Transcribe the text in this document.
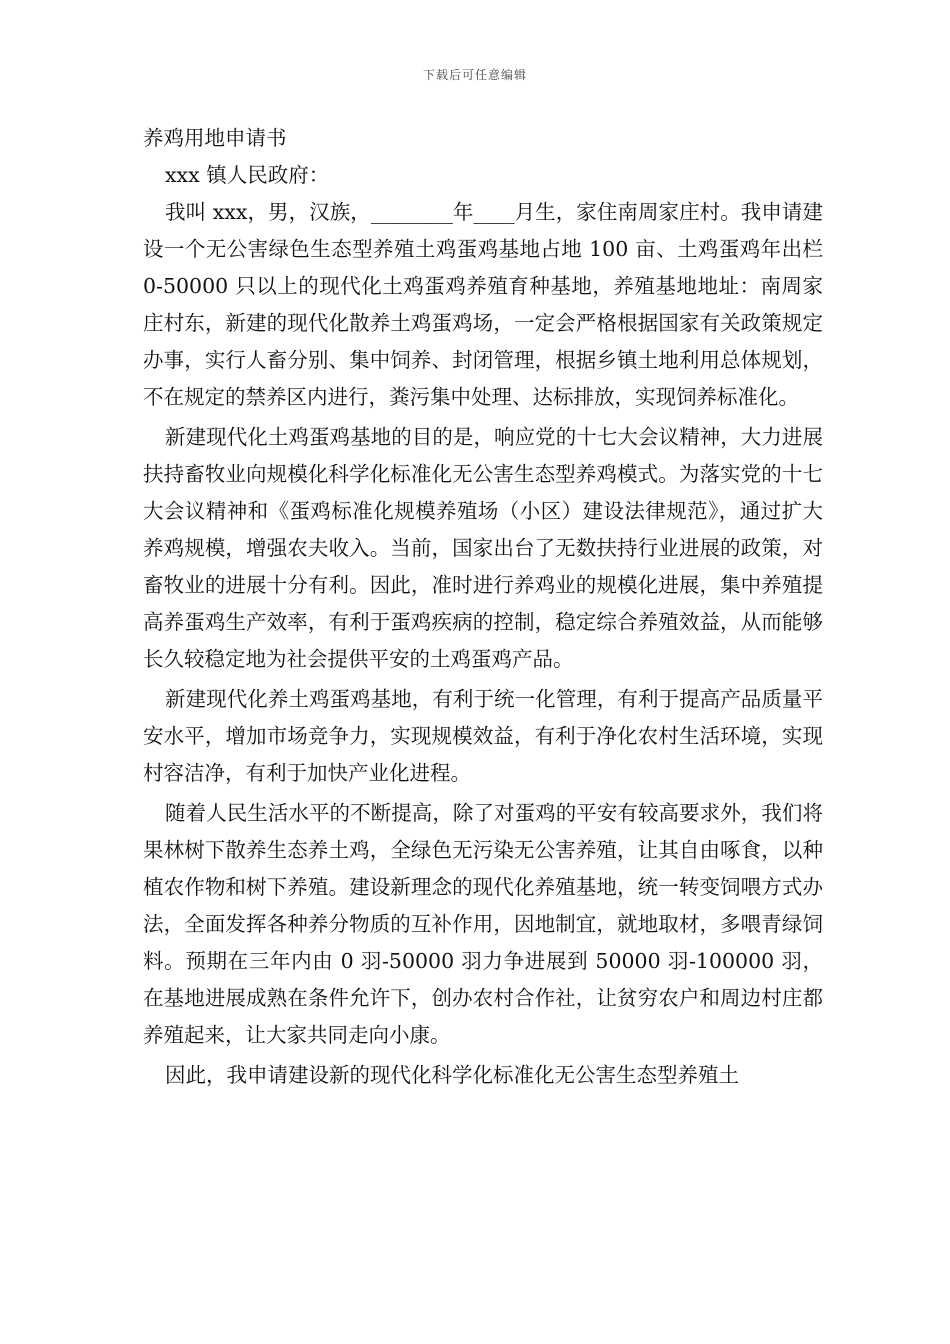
下载后可任意编辑

养鸡用地申请书

xxx 镇人民政府：

我叫 xxx，男，汉族，________年____月生，家住南周家庄村。我申请建设一个无公害绿色生态型养殖土鸡蛋鸡基地占地 100 亩、土鸡蛋鸡年出栏 0-50000 只以上的现代化土鸡蛋鸡养殖育种基地，养殖基地地址：南周家庄村东，新建的现代化散养土鸡蛋鸡场，一定会严格根据国家有关政策规定办事，实行人畜分别、集中饲养、封闭管理，根据乡镇土地利用总体规划，不在规定的禁养区内进行，粪污集中处理、达标排放，实现饲养标准化。

新建现代化土鸡蛋鸡基地的目的是，响应党的十七大会议精神，大力进展扶持畜牧业向规模化科学化标准化无公害生态型养鸡模式。为落实党的十七大会议精神和《蛋鸡标准化规模养殖场（小区）建设法律规范》，通过扩大养鸡规模，增强农夫收入。当前，国家出台了无数扶持行业进展的政策，对畜牧业的进展十分有利。因此，准时进行养鸡业的规模化进展，集中养殖提高养蛋鸡生产效率，有利于蛋鸡疾病的控制，稳定综合养殖效益，从而能够长久较稳定地为社会提供平安的土鸡蛋鸡产品。

新建现代化养土鸡蛋鸡基地，有利于统一化管理，有利于提高产品质量平安水平，增加市场竞争力，实现规模效益，有利于净化农村生活环境，实现村容洁净，有利于加快产业化进程。

随着人民生活水平的不断提高，除了对蛋鸡的平安有较高要求外，我们将果林树下散养生态养土鸡，全绿色无污染无公害养殖，让其自由啄食，以种植农作物和树下养殖。建设新理念的现代化养殖基地，统一转变饲喂方式办法，全面发挥各种养分物质的互补作用，因地制宜，就地取材，多喂青绿饲料。预期在三年内由 0 羽-50000 羽力争进展到 50000 羽-100000 羽，在基地进展成熟在条件允许下，创办农村合作社，让贫穷农户和周边村庄都养殖起来，让大家共同走向小康。

因此，我申请建设新的现代化科学化标准化无公害生态型养殖土
